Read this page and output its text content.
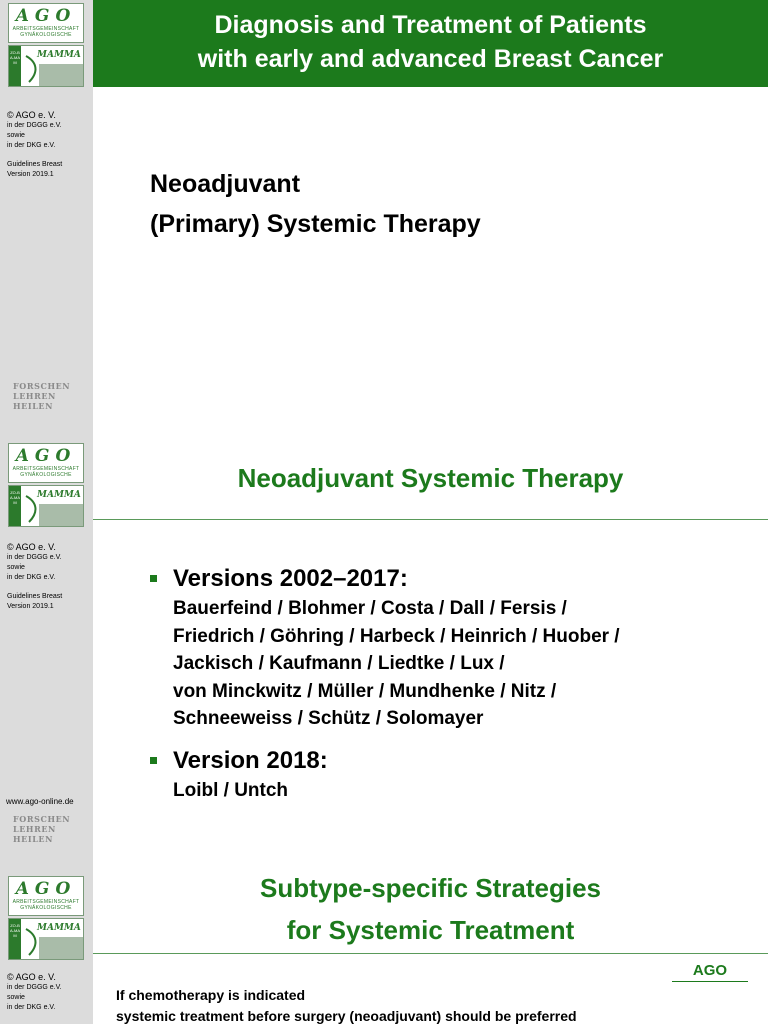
AGO
ARBEITSGEMEINSCHAFT
GYNÄKOLOGISCHE
ZO-BA-MAM
MAMMA
© AGO e. V.
in der DGGG e.V.
sowie
in der DKG e.V.
Guidelines Breast
Version 2019.1
FORSCHEN
LEHREN
HEILEN
AGO
ARBEITSGEMEINSCHAFT
GYNÄKOLOGISCHE
ZO-BA-MAM
MAMMA
© AGO e. V.
in der DGGG e.V.
sowie
in der DKG e.V.
Guidelines Breast
Version 2019.1
www.ago-online.de
FORSCHEN
LEHREN
HEILEN
AGO
ARBEITSGEMEINSCHAFT
GYNÄKOLOGISCHE
ZO-BA-MAM
MAMMA
© AGO e. V.
in der DGGG e.V.
sowie
in der DKG e.V.
Diagnosis and Treatment of Patients
with early and advanced Breast Cancer
Neoadjuvant
(Primary) Systemic Therapy
Neoadjuvant Systemic Therapy
Versions 2002–2017:
Bauerfeind / Blohmer / Costa / Dall / Fersis /
Friedrich / Göhring / Harbeck / Heinrich / Huober /
Jackisch / Kaufmann / Liedtke / Lux /
von Minckwitz / Müller / Mundhenke / Nitz /
Schneeweiss / Schütz / Solomayer
Version 2018:
Loibl / Untch
Subtype-specific Strategies
for Systemic Treatment
AGO
If chemotherapy is indicated
systemic treatment before surgery (neoadjuvant) should be preferred
